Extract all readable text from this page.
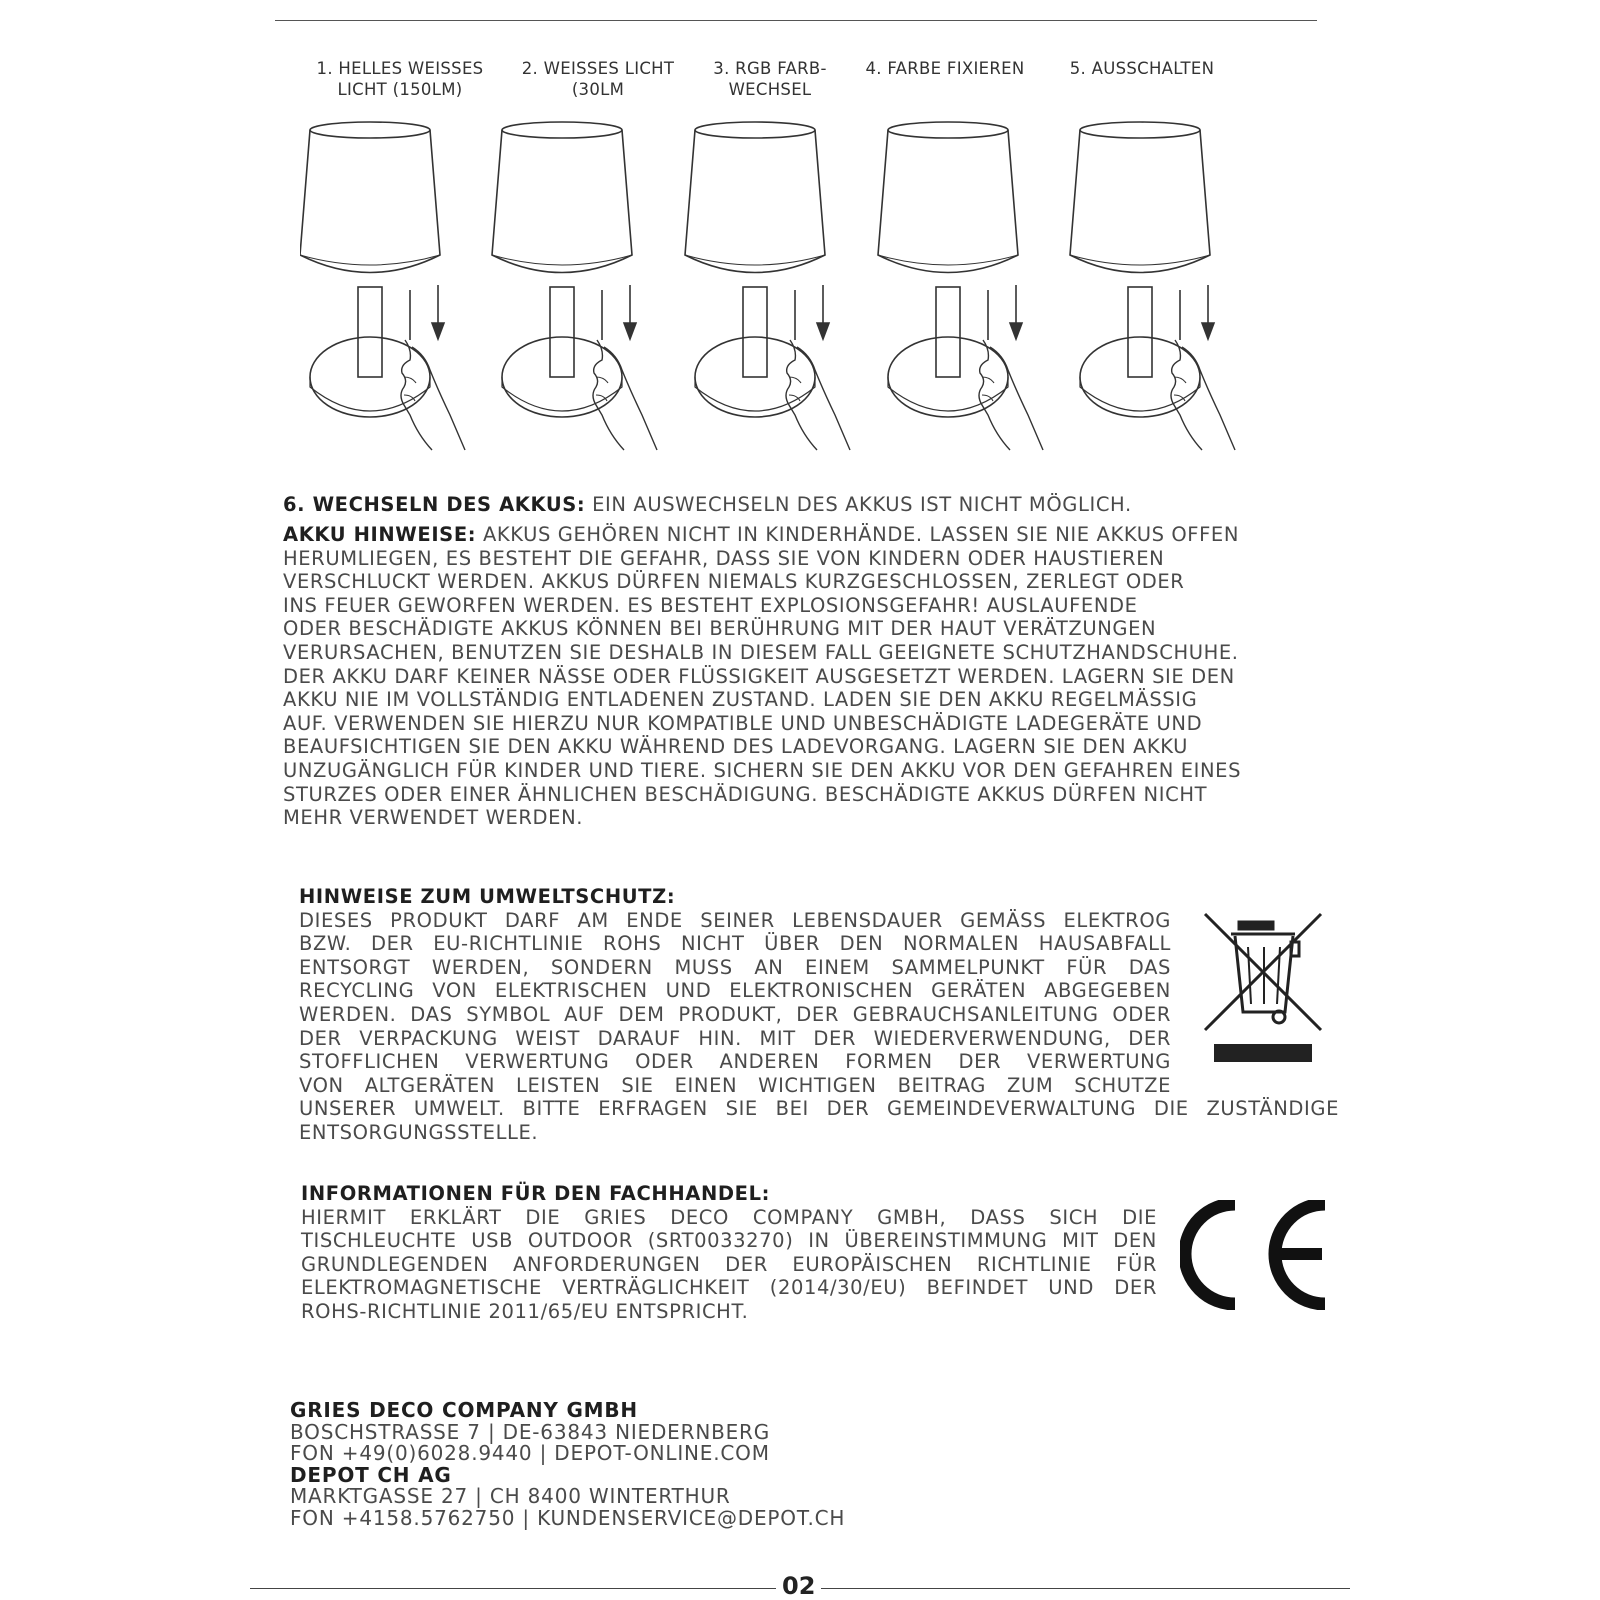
1. HELLES WEISSES
LICHT (150LM)
2. WEISSES LICHT
(30LM
3. RGB FARB-
WECHSEL
4. FARBE FIXIEREN	5. AUSSCHALTEN
6. WECHSELN DES AKKUS: EIN AUSWECHSELN DES AKKUS IST NICHT MÖGLICH.
AKKU HINWEISE: AKKUS GEHÖREN NICHT IN KINDERHÄNDE. LASSEN SIE NIE AKKUS OFFEN
HERUMLIEGEN, ES BESTEHT DIE GEFAHR, DASS SIE VON KINDERN ODER HAUSTIEREN
VERSCHLUCKT WERDEN. AKKUS DÜRFEN NIEMALS KURZGESCHLOSSEN, ZERLEGT ODER
INS FEUER GEWORFEN WERDEN. ES BESTEHT EXPLOSIONSGEFAHR! AUSLAUFENDE
ODER BESCHÄDIGTE AKKUS KÖNNEN BEI BERÜHRUNG MIT DER HAUT VERÄTZUNGEN
VERURSACHEN, BENUTZEN SIE DESHALB IN DIESEM FALL GEEIGNETE SCHUTZHANDSCHUHE.
DER AKKU DARF KEINER NÄSSE ODER FLÜSSIGKEIT AUSGESETZT WERDEN. LAGERN SIE DEN
AKKU NIE IM VOLLSTÄNDIG ENTLADENEN ZUSTAND. LADEN SIE DEN AKKU REGELMÄSSIG
AUF. VERWENDEN SIE HIERZU NUR KOMPATIBLE UND UNBESCHÄDIGTE LADEGERÄTE UND
BEAUFSICHTIGEN SIE DEN AKKU WÄHREND DES LADEVORGANG. LAGERN SIE DEN AKKU
UNZUGÄNGLICH FÜR KINDER UND TIERE. SICHERN SIE DEN AKKU VOR DEN GEFAHREN EINES
STURZES ODER EINER ÄHNLICHEN BESCHÄDIGUNG. BESCHÄDIGTE AKKUS DÜRFEN NICHT
MEHR VERWENDET WERDEN.
HINWEISE ZUM UMWELTSCHUTZ:
DIESES PRODUKT DARF AM ENDE SEINER LEBENSDAUER GEMÄSS ELEKTROG
BZW. DER EU-RICHTLINIE ROHS NICHT ÜBER DEN NORMALEN HAUSABFALL
ENTSORGT WERDEN, SONDERN MUSS AN EINEM SAMMELPUNKT FÜR DAS
RECYCLING VON ELEKTRISCHEN UND ELEKTRONISCHEN GERÄTEN ABGEGEBEN
WERDEN. DAS SYMBOL AUF DEM PRODUKT, DER GEBRAUCHSANLEITUNG ODER
DER VERPACKUNG WEIST DARAUF HIN. MIT DER WIEDERVERWENDUNG, DER
STOFFLICHEN VERWERTUNG ODER ANDEREN FORMEN DER VERWERTUNG
VON ALTGERÄTEN LEISTEN SIE EINEN WICHTIGEN BEITRAG ZUM SCHUTZE
UNSERER UMWELT. BITTE ERFRAGEN SIE BEI DER GEMEINDEVERWALTUNG DIE ZUSTÄNDIGE
ENTSORGUNGSSTELLE.
INFORMATIONEN FÜR DEN FACHHANDEL:
HIERMIT ERKLÄRT DIE GRIES DECO COMPANY GMBH, DASS SICH DIE
TISCHLEUCHTE USB OUTDOOR (SRT0033270) IN ÜBEREINSTIMMUNG MIT DEN
GRUNDLEGENDEN ANFORDERUNGEN DER EUROPÄISCHEN RICHTLINIE FÜR
ELEKTROMAGNETISCHE VERTRÄGLICHKEIT (2014/30/EU) BEFINDET UND DER
ROHS-RICHTLINIE 2011/65/EU ENTSPRICHT.
GRIES DECO COMPANY GMBH
BOSCHSTRASSE 7 | DE-63843 NIEDERNBERG
FON +49(0)6028.9440 | DEPOT-ONLINE.COM
DEPOT CH AG
MARKTGASSE 27 | CH 8400 WINTERTHUR
FON +4158.5762750 | KUNDENSERVICE@DEPOT.CH
02
